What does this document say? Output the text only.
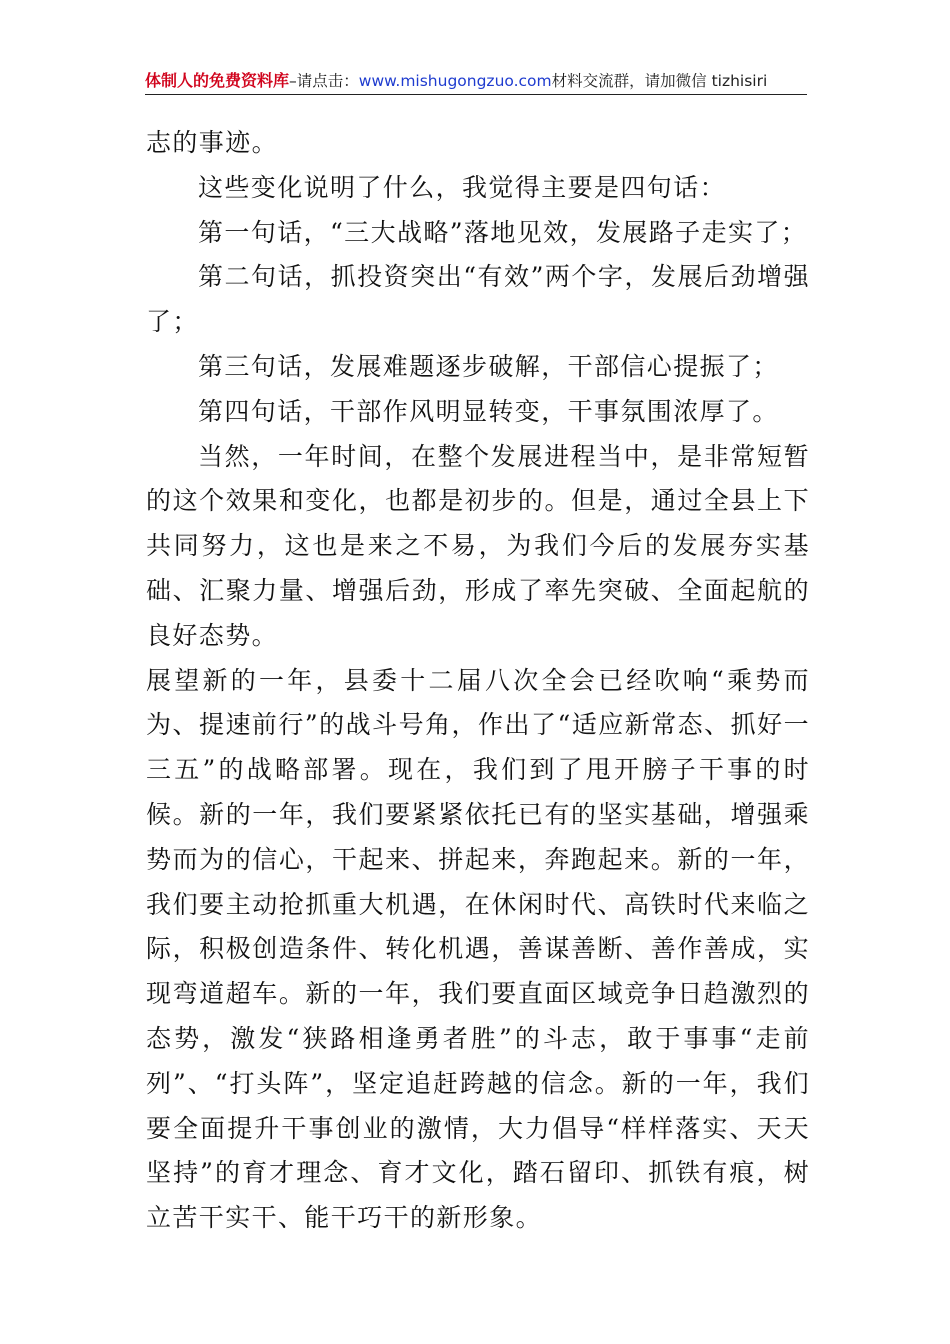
体制人的免费资料库–请点击：www.mishugongzuo.com材料交流群，请加微信 tizhisiri

志的事迹。

这些变化说明了什么，我觉得主要是四句话：

第一句话，“三大战略”落地见效，发展路子走实了；

第二句话，抓投资突出“有效”两个字，发展后劲增强了；

第三句话，发展难题逐步破解，干部信心提振了；

第四句话，干部作风明显转变，干事氛围浓厚了。

当然，一年时间，在整个发展进程当中，是非常短暂的这个效果和变化，也都是初步的。但是，通过全县上下共同努力，这也是来之不易，为我们今后的发展夯实基础、汇聚力量、增强后劲，形成了率先突破、全面起航的良好态势。

展望新的一年，县委十二届八次全会已经吹响“乘势而为、提速前行”的战斗号角，作出了“适应新常态、抓好一三五”的战略部署。现在，我们到了甩开膀子干事的时候。新的一年，我们要紧紧依托已有的坚实基础，增强乘势而为的信心，干起来、拼起来，奔跑起来。新的一年，我们要主动抢抓重大机遇，在休闲时代、高铁时代来临之际，积极创造条件、转化机遇，善谋善断、善作善成，实现弯道超车。新的一年，我们要直面区域竞争日趋激烈的态势，激发“狭路相逢勇者胜”的斗志，敢于事事“走前列”、“打头阵”，坚定追赶跨越的信念。新的一年，我们要全面提升干事创业的激情，大力倡导“样样落实、天天坚持”的育才理念、育才文化，踏石留印、抓铁有痕，树立苦干实干、能干巧干的新形象。
